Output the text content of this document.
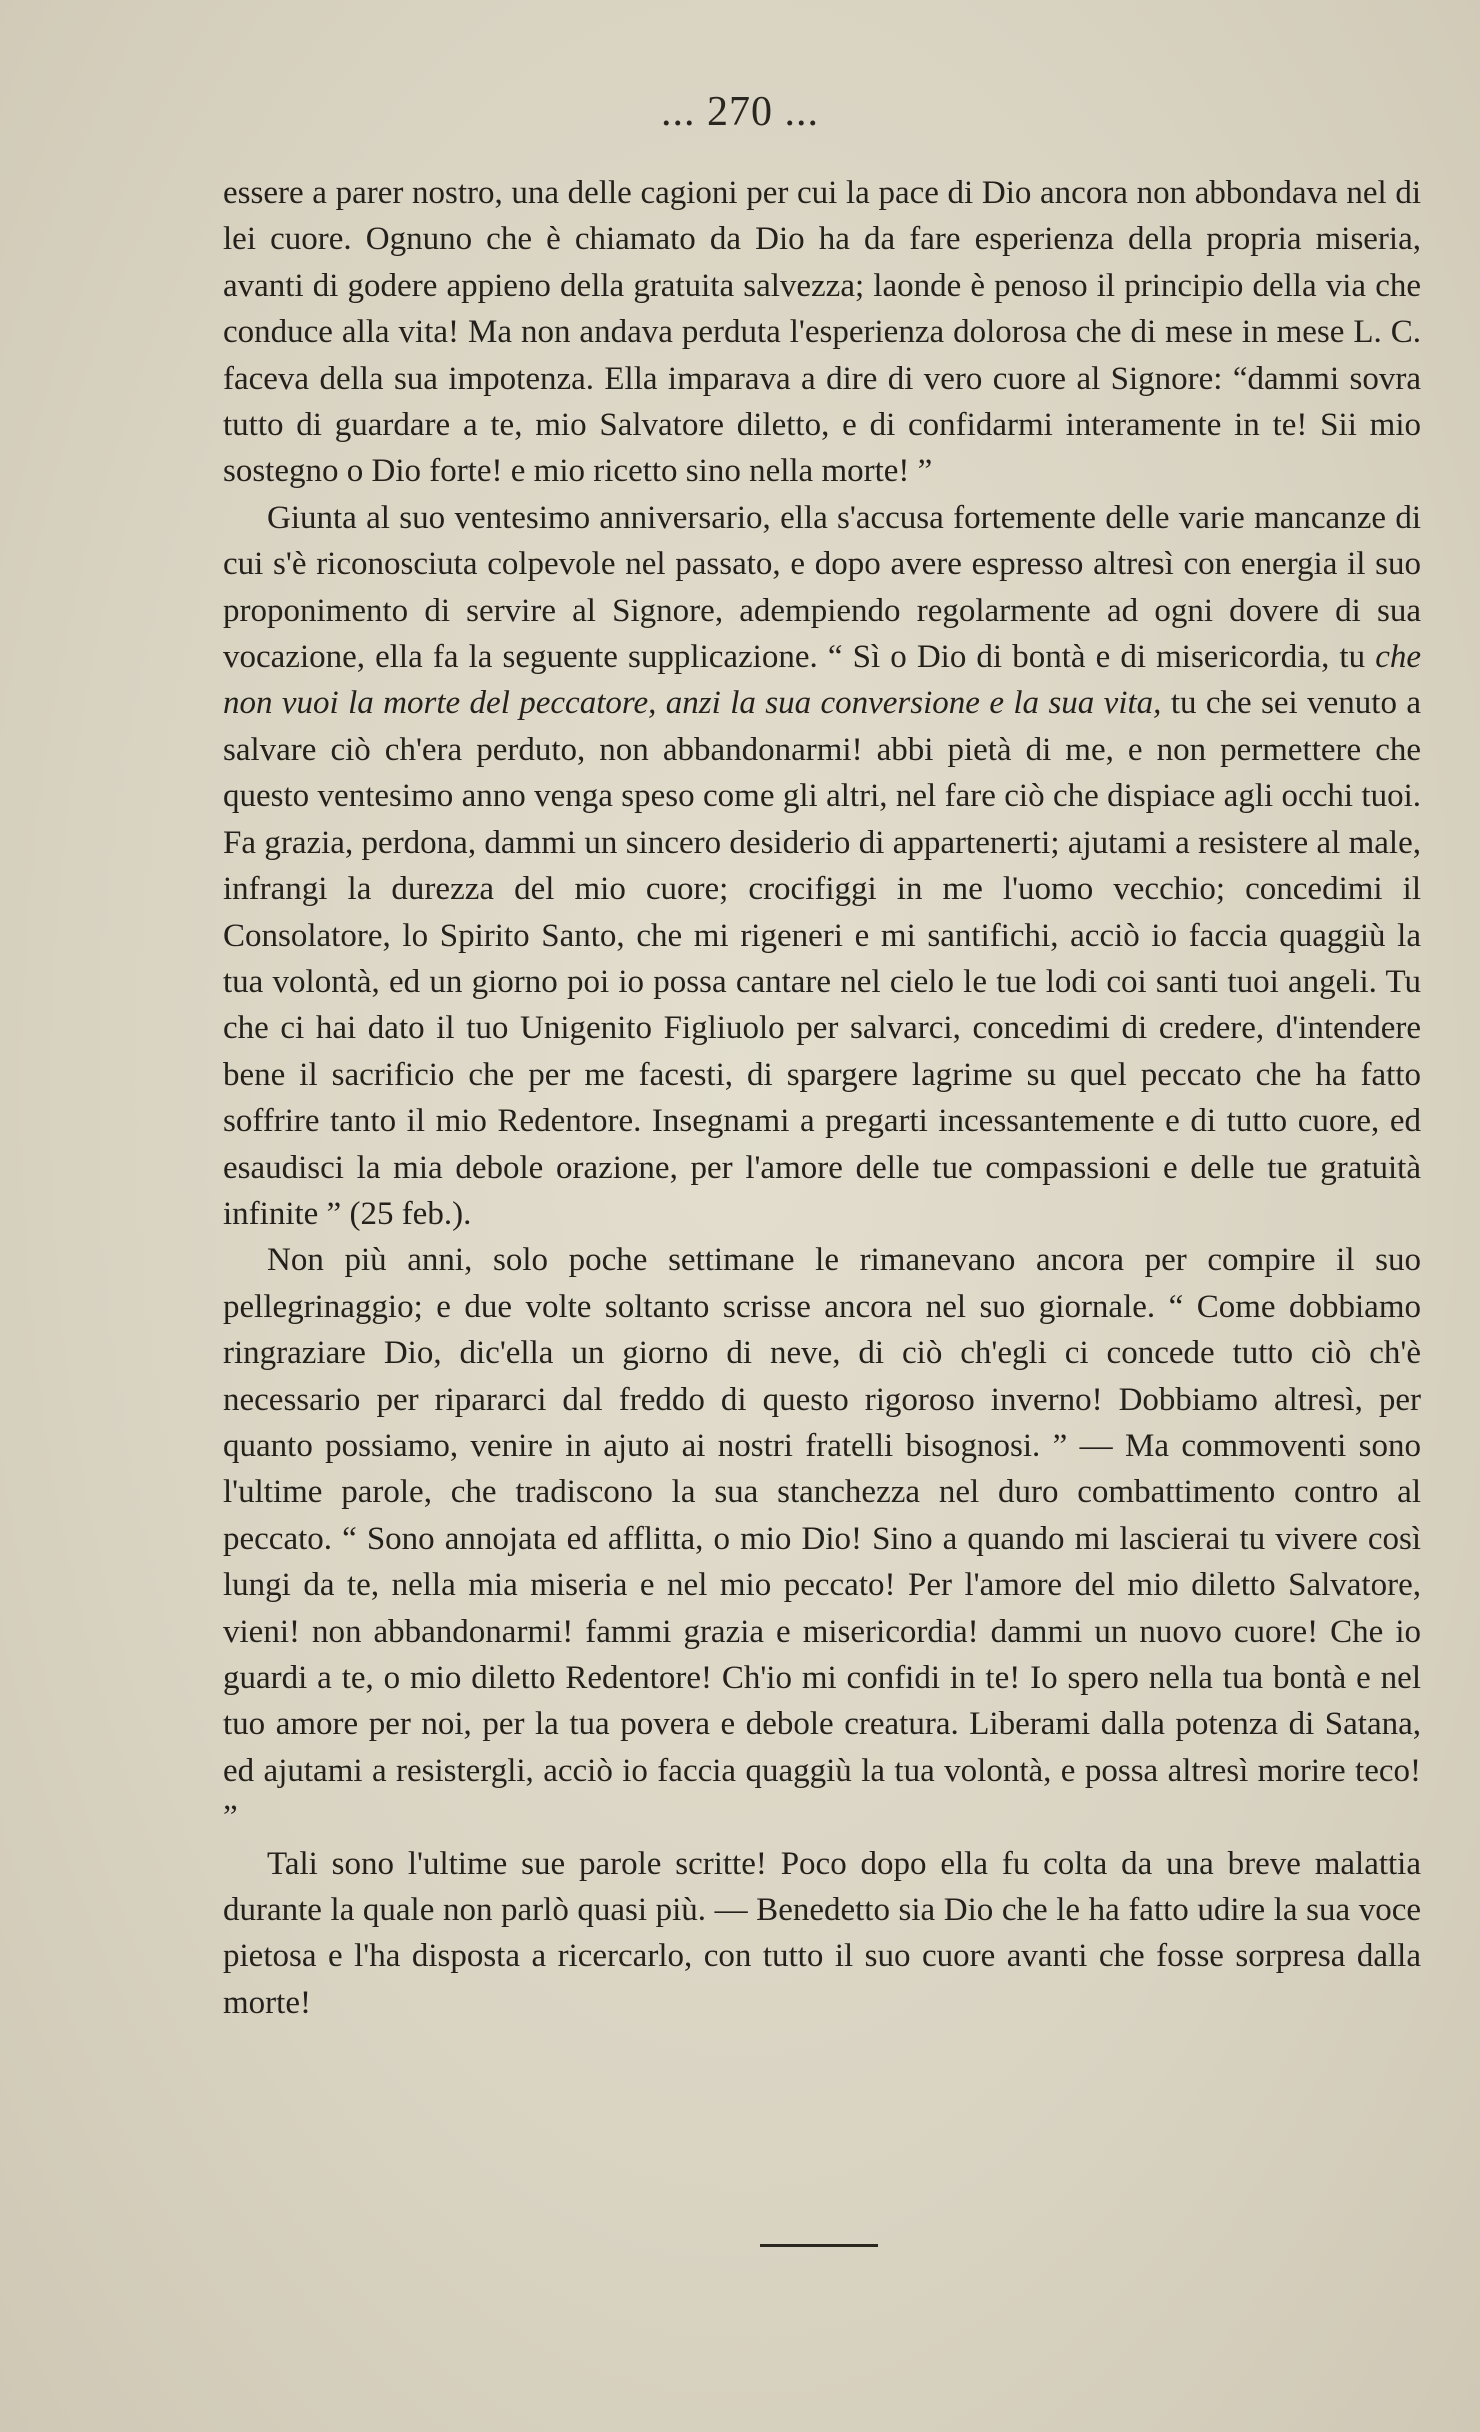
... 270 ...

essere a parer nostro, una delle cagioni per cui la pace di Dio ancora non abbondava nel di lei cuore. Ognuno che è chiamato da Dio ha da fare esperienza della propria miseria, avanti di godere appieno della gratuita salvezza; laonde è penoso il principio della via che conduce alla vita! Ma non andava perduta l'esperienza dolorosa che di mese in mese L. C. faceva della sua impotenza. Ella imparava a dire di vero cuore al Signore: “dammi sovra tutto di guardare a te, mio Salvatore diletto, e di confidarmi interamente in te! Sii mio sostegno o Dio forte! e mio ricetto sino nella morte! ”

Giunta al suo ventesimo anniversario, ella s'accusa fortemente delle varie mancanze di cui s'è riconosciuta colpevole nel passato, e dopo avere espresso altresì con energia il suo proponimento di servire al Signore, adempiendo regolarmente ad ogni dovere di sua vocazione, ella fa la seguente supplicazione. “ Sì o Dio di bontà e di misericordia, tu che non vuoi la morte del peccatore, anzi la sua conversione e la sua vita, tu che sei venuto a salvare ciò ch'era perduto, non abbandonarmi! abbi pietà di me, e non permettere che questo ventesimo anno venga speso come gli altri, nel fare ciò che dispiace agli occhi tuoi. Fa grazia, perdona, dammi un sincero desiderio di appartenerti; ajutami a resistere al male, infrangi la durezza del mio cuore; crocifiggi in me l'uomo vecchio; concedimi il Consolatore, lo Spirito Santo, che mi rigeneri e mi santifichi, acciò io faccia quaggiù la tua volontà, ed un giorno poi io possa cantare nel cielo le tue lodi coi santi tuoi angeli. Tu che ci hai dato il tuo Unigenito Figliuolo per salvarci, concedimi di credere, d'intendere bene il sacrificio che per me facesti, di spargere lagrime su quel peccato che ha fatto soffrire tanto il mio Redentore. Insegnami a pregarti incessantemente e di tutto cuore, ed esaudisci la mia debole orazione, per l'amore delle tue compassioni e delle tue gratuità infinite ” (25 feb.).

Non più anni, solo poche settimane le rimanevano ancora per compire il suo pellegrinaggio; e due volte soltanto scrisse ancora nel suo giornale. “ Come dobbiamo ringraziare Dio, dic'ella un giorno di neve, di ciò ch'egli ci concede tutto ciò ch'è necessario per ripararci dal freddo di questo rigoroso inverno! Dobbiamo altresì, per quanto possiamo, venire in ajuto ai nostri fratelli bisognosi. ” — Ma commoventi sono l'ultime parole, che tradiscono la sua stanchezza nel duro combattimento contro al peccato. “ Sono annojata ed afflitta, o mio Dio! Sino a quando mi lascierai tu vivere così lungi da te, nella mia miseria e nel mio peccato! Per l'amore del mio diletto Salvatore, vieni! non abbandonarmi! fammi grazia e misericordia! dammi un nuovo cuore! Che io guardi a te, o mio diletto Redentore! Ch'io mi confidi in te! Io spero nella tua bontà e nel tuo amore per noi, per la tua povera e debole creatura. Liberami dalla potenza di Satana, ed ajutami a resistergli, acciò io faccia quaggiù la tua volontà, e possa altresì morire teco! ”

Tali sono l'ultime sue parole scritte! Poco dopo ella fu colta da una breve malattia durante la quale non parlò quasi più. — Benedetto sia Dio che le ha fatto udire la sua voce pietosa e l'ha disposta a ricercarlo, con tutto il suo cuore avanti che fosse sorpresa dalla morte!
